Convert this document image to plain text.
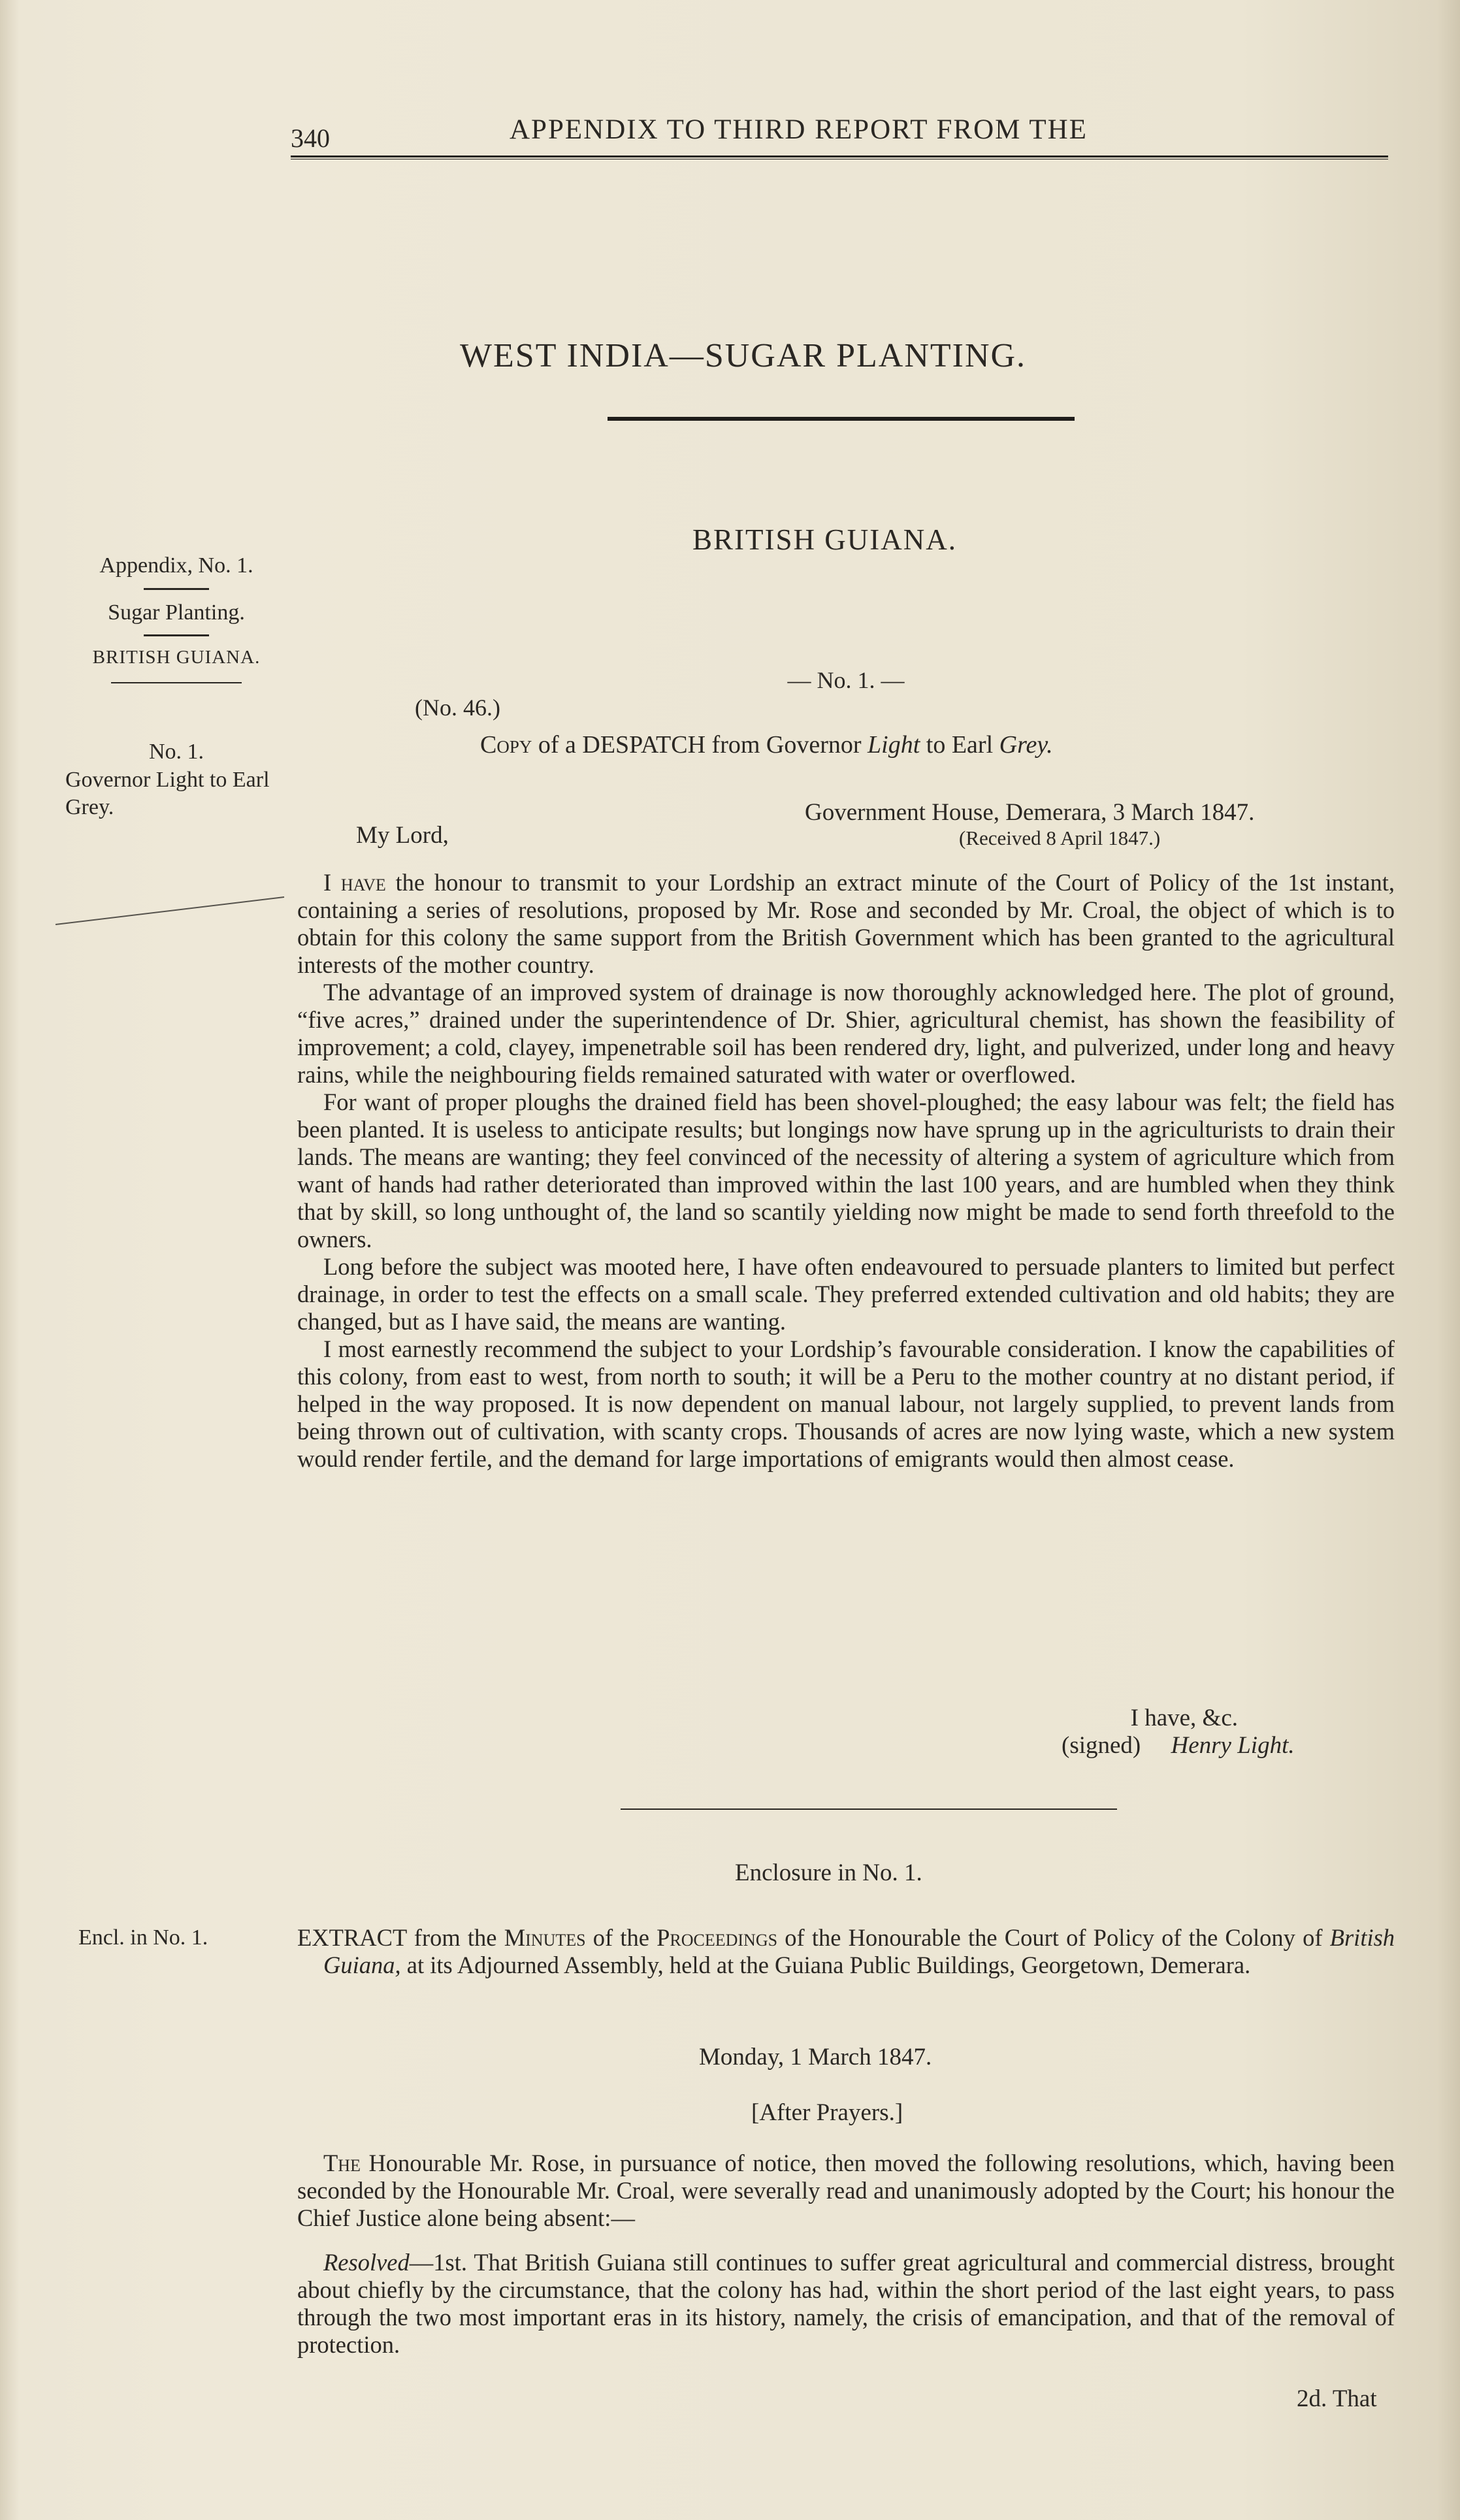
340	APPENDIX TO THIRD REPORT FROM THE
WEST INDIA—SUGAR PLANTING.
BRITISH GUIANA.
Appendix, No. 1.
Sugar Planting.
BRITISH GUIANA.
No. 1.
Governor Light to Earl Grey.
Encl. in No. 1.
— No. 1. —
(No. 46.)
Copy of a DESPATCH from Governor Light to Earl Grey.
Government House, Demerara, 3 March 1847.
My Lord,	(Received 8 April 1847.)

I have the honour to transmit to your Lordship an extract minute of the Court of Policy of the 1st instant, containing a series of resolutions, proposed by Mr. Rose and seconded by Mr. Croal, the object of which is to obtain for this colony the same support from the British Government which has been granted to the agricultural interests of the mother country.

The advantage of an improved system of drainage is now thoroughly acknowledged here. The plot of ground, “five acres,” drained under the superintendence of Dr. Shier, agricultural chemist, has shown the feasibility of improvement; a cold, clayey, impenetrable soil has been rendered dry, light, and pulverized, under long and heavy rains, while the neighbouring fields remained saturated with water or overflowed.

For want of proper ploughs the drained field has been shovel-ploughed; the easy labour was felt; the field has been planted. It is useless to anticipate results; but longings now have sprung up in the agriculturists to drain their lands. The means are wanting; they feel convinced of the necessity of altering a system of agriculture which from want of hands had rather deteriorated than improved within the last 100 years, and are humbled when they think that by skill, so long unthought of, the land so scantily yielding now might be made to send forth threefold to the owners.

Long before the subject was mooted here, I have often endeavoured to persuade planters to limited but perfect drainage, in order to test the effects on a small scale. They preferred extended cultivation and old habits; they are changed, but as I have said, the means are wanting.

I most earnestly recommend the subject to your Lordship’s favourable consideration. I know the capabilities of this colony, from east to west, from north to south; it will be a Peru to the mother country at no distant period, if helped in the way proposed. It is now dependent on manual labour, not largely supplied, to prevent lands from being thrown out of cultivation, with scanty crops. Thousands of acres are now lying waste, which a new system would render fertile, and the demand for large importations of emigrants would then almost cease.

I have, &c.
(signed) Henry Light.
Enclosure in No. 1.
EXTRACT from the Minutes of the Proceedings of the Honourable the Court of Policy of the Colony of British Guiana, at its Adjourned Assembly, held at the Guiana Public Buildings, Georgetown, Demerara.
Monday, 1 March 1847.
[After Prayers.]

The Honourable Mr. Rose, in pursuance of notice, then moved the following resolutions, which, having been seconded by the Honourable Mr. Croal, were severally read and unanimously adopted by the Court; his honour the Chief Justice alone being absent:—

Resolved—1st. That British Guiana still continues to suffer great agricultural and commercial distress, brought about chiefly by the circumstance, that the colony has had, within the short period of the last eight years, to pass through the two most important eras in its history, namely, the crisis of emancipation, and that of the removal of protection.

2d. That
